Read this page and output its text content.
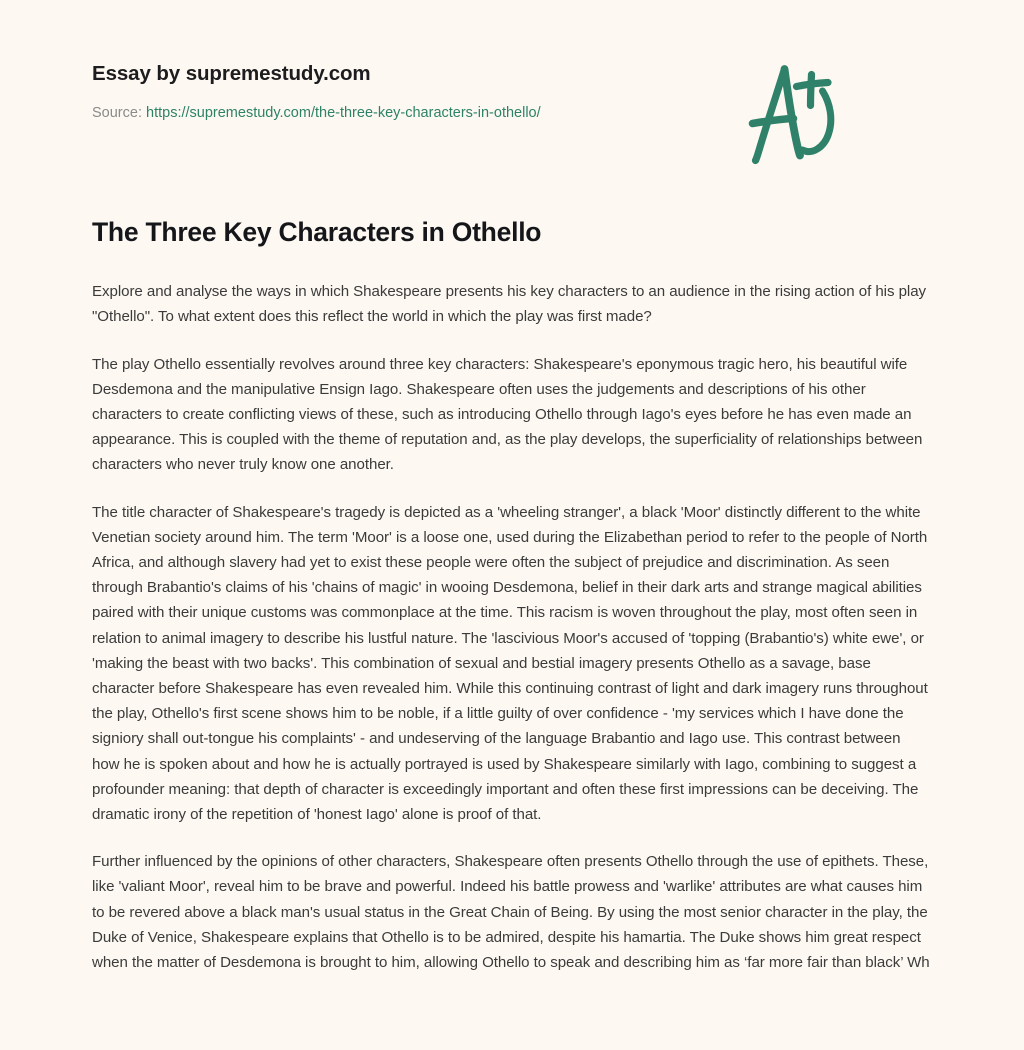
Essay by supremestudy.com
Source: https://supremestudy.com/the-three-key-characters-in-othello/
The Three Key Characters in Othello

Explore and analyse the ways in which Shakespeare presents his key characters to an audience in the rising action of his play "Othello". To what extent does this reflect the world in which the play was first made?

The play Othello essentially revolves around three key characters: Shakespeare's eponymous tragic hero, his beautiful wife Desdemona and the manipulative Ensign Iago. Shakespeare often uses the judgements and descriptions of his other characters to create conflicting views of these, such as introducing Othello through Iago's eyes before he has even made an appearance. This is coupled with the theme of reputation and, as the play develops, the superficiality of relationships between characters who never truly know one another.

The title character of Shakespeare's tragedy is depicted as a 'wheeling stranger', a black 'Moor' distinctly different to the white Venetian society around him. The term 'Moor' is a loose one, used during the Elizabethan period to refer to the people of North Africa, and although slavery had yet to exist these people were often the subject of prejudice and discrimination. As seen through Brabantio's claims of his 'chains of magic' in wooing Desdemona, belief in their dark arts and strange magical abilities paired with their unique customs was commonplace at the time. This racism is woven throughout the play, most often seen in relation to animal imagery to describe his lustful nature. The 'lascivious Moor's accused of 'topping (Brabantio's) white ewe', or 'making the beast with two backs'. This combination of sexual and bestial imagery presents Othello as a savage, base character before Shakespeare has even revealed him. While this continuing contrast of light and dark imagery runs throughout the play, Othello's first scene shows him to be noble, if a little guilty of over confidence - 'my services which I have done the signiory shall out-tongue his complaints' - and undeserving of the language Brabantio and Iago use. This contrast between how he is spoken about and how he is actually portrayed is used by Shakespeare similarly with Iago, combining to suggest a profounder meaning: that depth of character is exceedingly important and often these first impressions can be deceiving. The dramatic irony of the repetition of 'honest Iago' alone is proof of that.

Further influenced by the opinions of other characters, Shakespeare often presents Othello through the use of epithets. These, like 'valiant Moor', reveal him to be brave and powerful. Indeed his battle prowess and 'warlike' attributes are what causes him to be revered above a black man's usual status in the Great Chain of Being. By using the most senior character in the play, the Duke of Venice, Shakespeare explains that Othello is to be admired, despite his hamartia. The Duke shows him great respect when the matter of Desdemona is brought to him, allowing Othello to speak and describing him as ‘far more fair than black’ Wh
